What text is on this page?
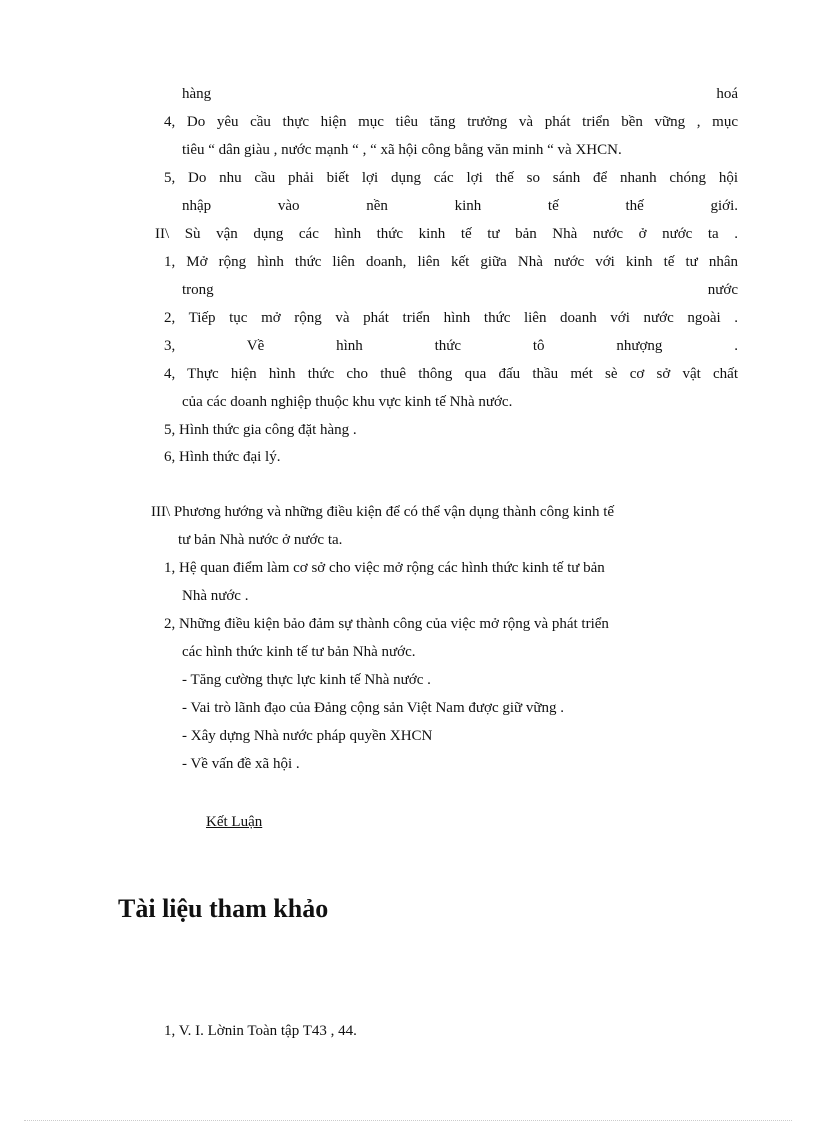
hàng hoá
4, Do yêu cầu thực hiện mục tiêu tăng trưởng và phát triển bền vững , mục
tiêu “ dân giàu , nước mạnh “ , “ xã hội công bằng văn minh “ và XHCN.
5, Do nhu cầu phải biết lợi dụng các lợi thế so sánh để nhanh chóng hội
nhập vào nền kinh tế thế giới.
II\ Sù vận dụng các hình thức kinh tế tư bản Nhà nước ở nước ta .
1, Mở rộng hình thức liên doanh, liên kết giữa Nhà nước với kinh tế tư nhân
trong nước
2, Tiếp tục mở rộng và phát triển hình thức liên doanh với nước ngoài .
3, Về hình thức tô nhượng .
4, Thực hiện hình thức cho thuê thông qua đấu thầu mét sè cơ sở vật chất
của các doanh nghiệp thuộc khu vực kinh tế Nhà nước.
5, Hình thức gia công đặt hàng .
6, Hình thức đại lý.
III\ Phương hướng và những điều kiện để có thể vận dụng thành công kinh tế
tư bản Nhà nước ở nước ta.
1, Hệ quan điểm làm cơ sở cho việc mở rộng các hình thức kinh tế tư bản
Nhà nước .
2, Những điều kiện bảo đảm sự thành công của việc mở rộng và phát triển
các hình thức kinh tế tư bản Nhà nước.
- Tăng cường thực lực kinh tế Nhà nước .
- Vai trò lãnh đạo của Đảng cộng sản Việt Nam được giữ vững .
- Xây dựng Nhà nước pháp quyền XHCN
- Về vấn đề xã hội .
Kết Luận
Tài liệu tham khảo
1, V. I. Lờnin Toàn tập T43 , 44.
